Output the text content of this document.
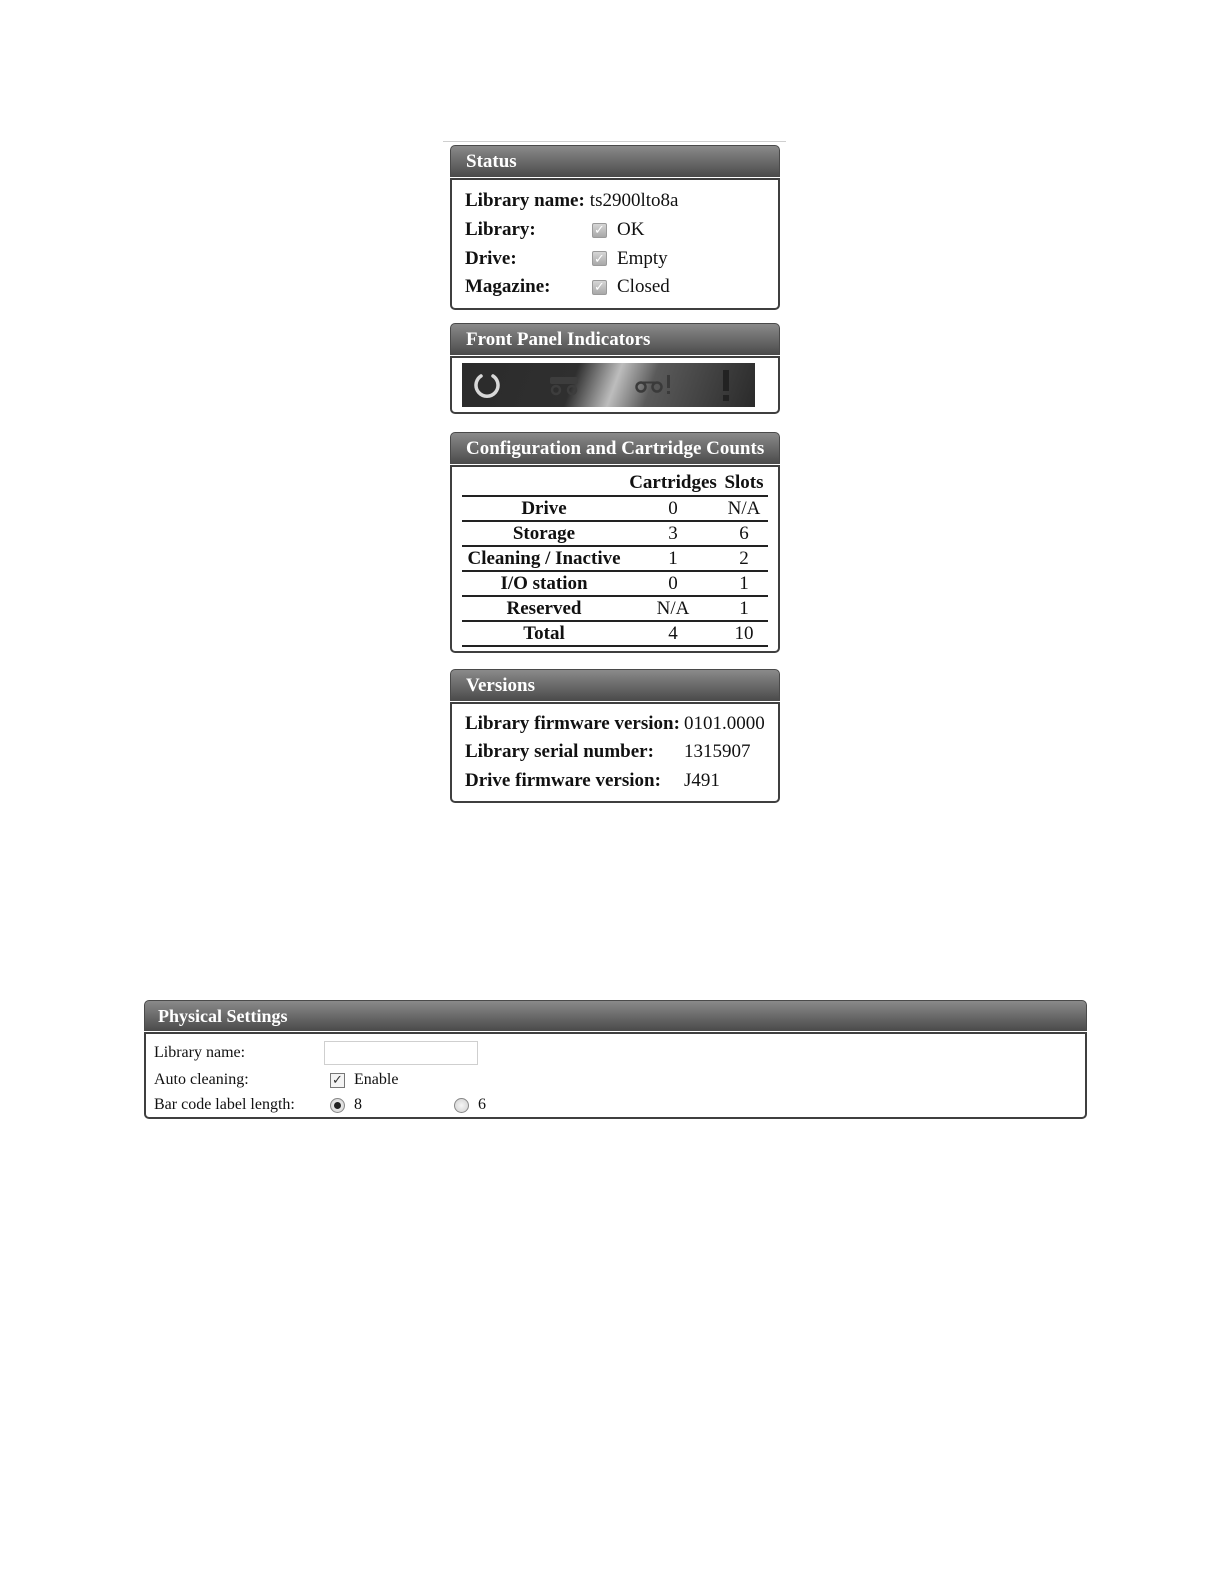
Status
Library name: ts2900lto8a
Library:	✓ OK
Drive:	✓ Empty
Magazine:	✓ Closed
Front Panel Indicators
Configuration and Cartridge Counts
	Cartridges	Slots
Drive	0	N/A
Storage	3	6
Cleaning / Inactive	1	2
I/O station	0	1
Reserved	N/A	1
Total	4	10
Versions
Library firmware version: 0101.0000
Library serial number:	1315907
Drive firmware version:	J491
Physical Settings
Library name:
Auto cleaning:	✓ Enable
Bar code label length:	8	6
